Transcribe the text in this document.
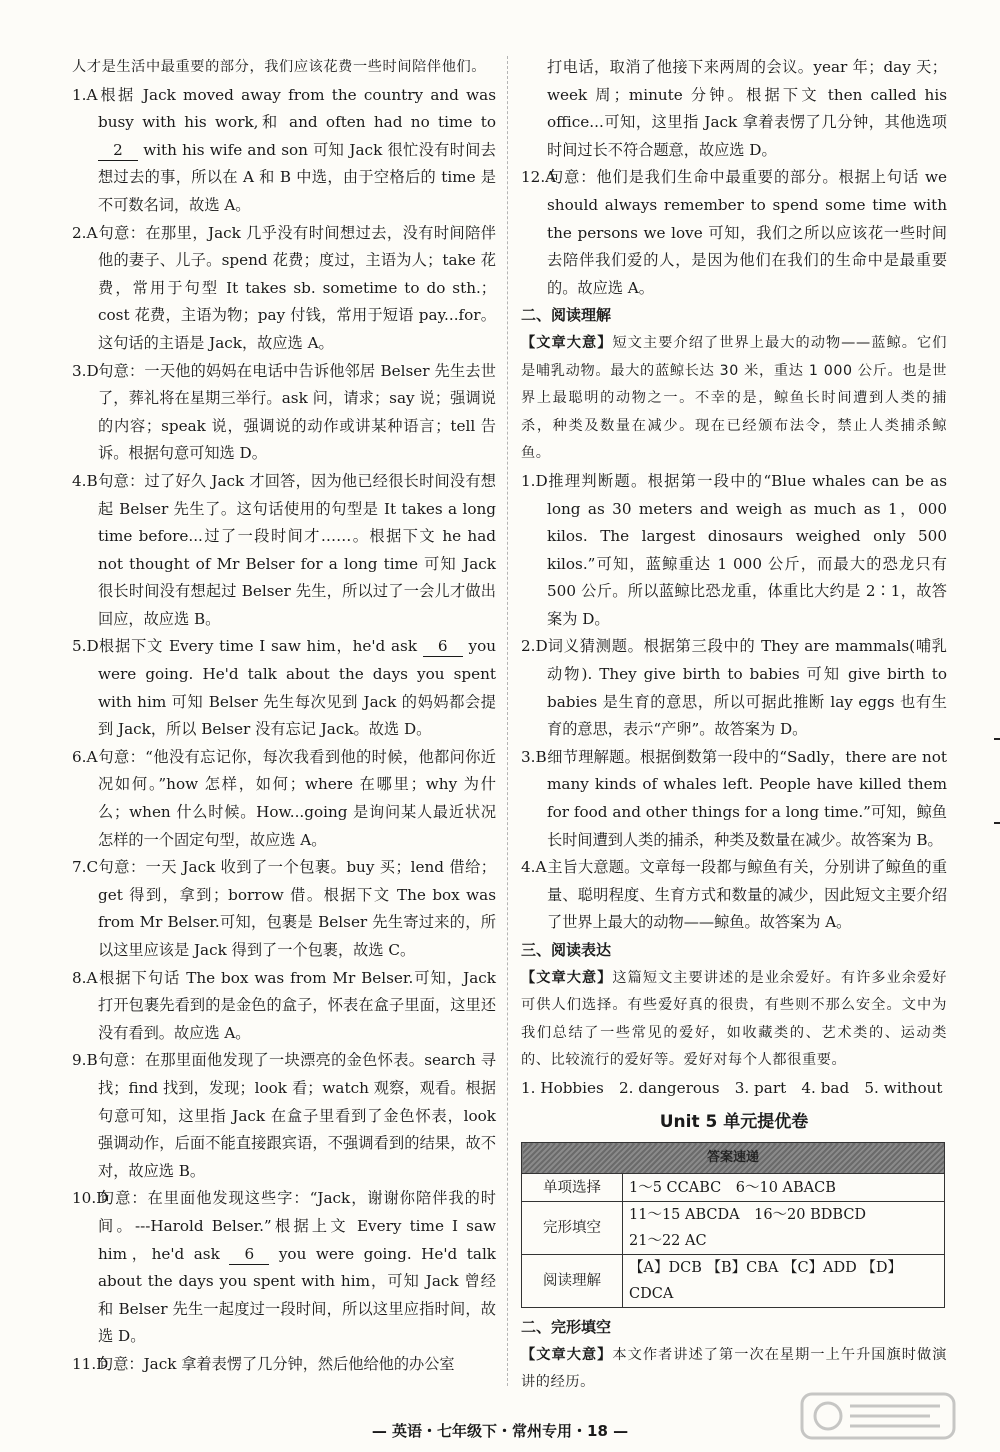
人才是生活中最重要的部分，我们应该花费一些时间陪伴他们。

1.A根据 Jack moved away from the country and was busy with his work,和 and often had no time to 2 with his wife and son 可知 Jack 很忙没有时间去想过去的事，所以在 A 和 B 中选，由于空格后的 time 是不可数名词，故选 A。

2.A句意：在那里，Jack 几乎没有时间想过去，没有时间陪伴他的妻子、儿子。spend 花费；度过，主语为人；take 花费，常用于句型 It takes sb. sometime to do sth.；cost 花费，主语为物；pay 付钱，常用于短语 pay...for。这句话的主语是 Jack，故应选 A。

3.D句意：一天他的妈妈在电话中告诉他邻居 Belser 先生去世了，葬礼将在星期三举行。ask 问，请求；say 说；强调说的内容；speak 说，强调说的动作或讲某种语言；tell 告诉。根据句意可知选 D。

4.B句意：过了好久 Jack 才回答，因为他已经很长时间没有想起 Belser 先生了。这句话使用的句型是 It takes a long time before...过了一段时间才……。根据下文 he had not thought of Mr Belser for a long time 可知 Jack 很长时间没有想起过 Belser 先生，所以过了一会儿才做出回应，故应选 B。

5.D根据下文 Every time I saw him，he'd ask 6 you were going. He'd talk about the days you spent with him 可知 Belser 先生每次见到 Jack 的妈妈都会提到 Jack，所以 Belser 没有忘记 Jack。故选 D。

6.A句意：“他没有忘记你，每次我看到他的时候，他都问你近况如何。”how 怎样，如何；where 在哪里；why 为什么；when 什么时候。How...going 是询问某人最近状况怎样的一个固定句型，故应选 A。

7.C句意：一天 Jack 收到了一个包裹。buy 买；lend 借给；get 得到，拿到；borrow 借。根据下文 The box was from Mr Belser.可知，包裹是 Belser 先生寄过来的，所以这里应该是 Jack 得到了一个包裹，故选 C。

8.A根据下句话 The box was from Mr Belser.可知，Jack 打开包裹先看到的是金色的盒子，怀表在盒子里面，这里还没有看到。故应选 A。

9.B句意：在那里面他发现了一块漂亮的金色怀表。search 寻找；find 找到，发现；look 看；watch 观察，观看。根据句意可知，这里指 Jack 在盒子里看到了金色怀表，look 强调动作，后面不能直接跟宾语，不强调看到的结果，故不对，故应选 B。

10.D句意：在里面他发现这些字：“Jack，谢谢你陪伴我的时间。---Harold Belser.”根据上文 Every time I saw him，he'd ask 6 you were going. He'd talk about the days you spent with him，可知 Jack 曾经和 Belser 先生一起度过一段时间，所以这里应指时间，故选 D。

11.D句意：Jack 拿着表愣了几分钟，然后他给他的办公室

打电话，取消了他接下来两周的会议。year 年；day 天；week 周；minute 分钟。根据下文 then called his office...可知，这里指 Jack 拿着表愣了几分钟，其他选项时间过长不符合题意，故应选 D。

12.A句意：他们是我们生命中最重要的部分。根据上句话 we should always remember to spend some time with the persons we love 可知，我们之所以应该花一些时间去陪伴我们爱的人，是因为他们在我们的生命中是最重要的。故应选 A。

二、阅读理解

【文章大意】短文主要介绍了世界上最大的动物——蓝鲸。它们是哺乳动物。最大的蓝鲸长达 30 米，重达 1 000 公斤。也是世界上最聪明的动物之一。不幸的是，鲸鱼长时间遭到人类的捕杀，种类及数量在减少。现在已经颁布法令，禁止人类捕杀鲸鱼。

1.D推理判断题。根据第一段中的“Blue whales can be as long as 30 meters and weigh as much as 1，000 kilos. The largest dinosaurs weighed only 500 kilos.”可知，蓝鲸重达 1 000 公斤，而最大的恐龙只有 500 公斤。所以蓝鲸比恐龙重，体重比大约是 2∶1，故答案为 D。

2.D词义猜测题。根据第三段中的 They are mammals(哺乳动物). They give birth to babies 可知 give birth to babies 是生育的意思，所以可据此推断 lay eggs 也有生育的意思，表示“产卵”。故答案为 D。

3.B细节理解题。根据倒数第一段中的“Sadly，there are not many kinds of whales left. People have killed them for food and other things for a long time.”可知，鲸鱼长时间遭到人类的捕杀，种类及数量在减少。故答案为 B。

4.A主旨大意题。文章每一段都与鲸鱼有关，分别讲了鲸鱼的重量、聪明程度、生育方式和数量的减少，因此短文主要介绍了世界上最大的动物——鲸鱼。故答案为 A。

三、阅读表达

【文章大意】这篇短文主要讲述的是业余爱好。有许多业余爱好可供人们选择。有些爱好真的很贵，有些则不那么安全。文中为我们总结了一些常见的爱好，如收藏类的、艺术类的、运动类的、比较流行的爱好等。爱好对每个人都很重要。

1. Hobbies　2. dangerous　3. part　4. bad　5. without

Unit 5 单元提优卷
答案速递	
单项选择	1～5 CCABC　6～10 ABACB
完形填空	11～15 ABCDA　16～20 BDBCD
21～22 AC

阅读理解	【A】DCB 【B】CBA 【C】ADD 【D】CDCA

二、完形填空

【文章大意】本文作者讲述了第一次在星期一上午升国旗时做演讲的经历。

— 英语・七年级下・常州专用・18 —
